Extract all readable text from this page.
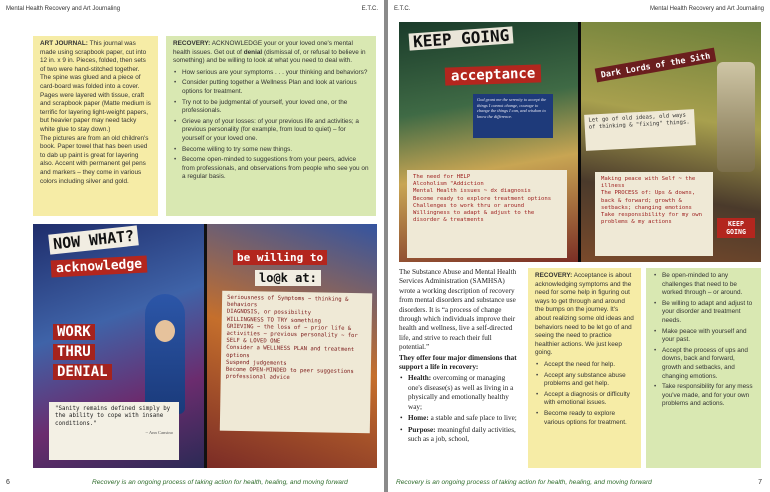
Mental Health Recovery and Art Journaling	E.T.C.

ART JOURNAL: This journal was made using scrapbook paper, cut into 12 in. x 9 in. Pieces, folded, then sets of two were hand-stitched together. The spine was glued and a piece of card-board was folded into a cover. Pages were layered with tissue, craft and scrapbook paper (Matte medium is terrific for layering light-weight papers, but heavier paper may need tacky white glue to stay down.)

The pictures are from an old children's book. Paper towel that has been used to dab up paint is great for layering also. Accent with permanent gel pens and markers – they come in various colors including silver and gold.

RECOVERY: ACKNOWLEDGE your or your loved one's mental health issues. Get out of denial (dismissal of, or refusal to believe in something) and be willing to look at what you need to deal with.

• How serious are your symptoms . . . your thinking and behaviors?
• Consider putting together a Wellness Plan and look at various options for treatment.
• Try not to be judgmental of yourself, your loved one, or the professionals.
• Grieve any of your losses: of your previous life and activities; a previous personality (for example, from loud to quiet) – for yourself or your loved one.
• Become willing to try some new things.
• Become open-minded to suggestions from your peers, advice from professionals, and observations from people who see you on a regular basis.
NOW WHAT?
acknowledge	be willing to
lo@k at:
WORK
THRU
DENIAL
Seriousness of Symptoms ~ thinking & behaviors
DIAGNOSIS, or possibility
WILLINGNESS TO TRY something
GRIEVING ~ the loss of ~ prior life & activities ~ previous personality ~ for SELF & LOVED ONE
Consider a WELLNESS PLAN and treatment options
Suspend judgements
Become OPEN-MINDED to peer suggestions professional advice
"Sanity remains defined simply by the ability to cope with insane conditions."
~ Ann Cansino
6	Recovery is an ongoing process of taking action for health, healing, and moving forward
E.T.C.	Mental Health Recovery and Art Journaling
KEEP GOING
acceptance	Dark Lords of the Sith
God grant me the serenity to accept the things I cannot change, courage to change the things I can, and wisdom to know the difference.	Let go of old ideas, old ways of thinking & "fixing" things.
The need for HELP
Alcoholism "Addiction
Mental Health issues ~ dx diagnosis
Become ready to explore treatment options
Challenges to work thru or around
Willingness to adapt & adjust to the disorder & treatments
Making peace with Self ~ the illness
The PROCESS of: Ups & downs, back & forward; growth & setbacks; changing emotions
Take responsibility for my own problems & my actions	KEEP GOING

The Substance Abuse and Mental Health Services Administration (SAMHSA) wrote a working description of recovery from mental disorders and substance use disorders. It is “a process of change through which individuals improve their health and wellness, live a self-directed life, and strive to reach their full potential.”

They offer four major dimensions that support a life in recovery:

• Health: overcoming or managing one's disease(s) as well as living in a physically and emotionally healthy way;
• Home: a stable and safe place to live;
• Purpose: meaningful daily activities, such as a job, school,

RECOVERY: Acceptance is about acknowledging symptoms and the need for some help in figuring out ways to get through and around the bumps on the journey. It's about realizing some old ideas and behaviors need to be let go of and seeing the need to practice healthier actions. We just keep going.

• Accept the need for help.
• Accept any substance abuse problems and get help.
• Accept a diagnosis or difficulty with emotional issues.
• Become ready to explore various options for treatment.
• Be open-minded to any challenges that need to be worked through – or around.
• Be willing to adapt and adjust to your disorder and treatment needs.
• Make peace with yourself and your past.
• Accept the process of ups and downs, back and forward, growth and setbacks, and changing emotions.
• Take responsibility for any mess you've made, and for your own problems and actions.
Recovery is an ongoing process of taking action for health, healing, and moving forward	7
